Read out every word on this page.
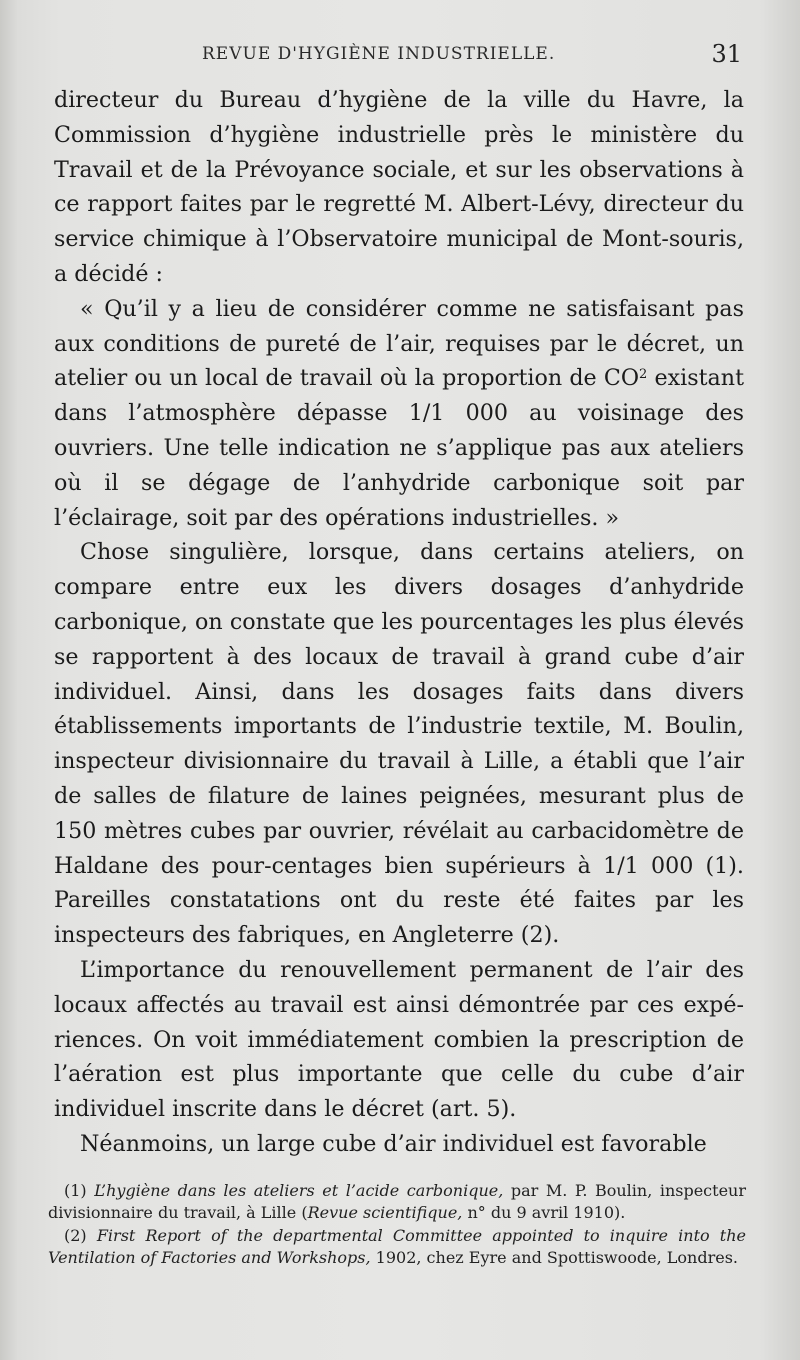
REVUE D'HYGIÈNE INDUSTRIELLE.	31

directeur du Bureau d’hygiène de la ville du Havre, la Commission d’hygiène industrielle près le ministère du Travail et de la Prévoyance sociale, et sur les observations à ce rapport faites par le regretté M. Albert-Lévy, directeur du service chimique à l’Observatoire municipal de Mont-souris, a décidé :

« Qu’il y a lieu de considérer comme ne satisfaisant pas aux conditions de pureté de l’air, requises par le décret, un atelier ou un local de travail où la proportion de $CO^2$ existant dans l’atmosphère dépasse 1/1 000 au voisinage des ouvriers. Une telle indication ne s’applique pas aux ateliers où il se dégage de l’anhydride carbonique soit par l’éclairage, soit par des opérations industrielles. »

Chose singulière, lorsque, dans certains ateliers, on compare entre eux les divers dosages d’anhydride carbonique, on constate que les pourcentages les plus élevés se rapportent à des locaux de travail à grand cube d’air individuel. Ainsi, dans les dosages faits dans divers établissements importants de l’industrie textile, M. Boulin, inspecteur divisionnaire du travail à Lille, a établi que l’air de salles de filature de laines peignées, mesurant plus de 150 mètres cubes par ouvrier, révélait au carbacidomètre de Haldane des pour-centages bien supérieurs à 1/1 000 (1). Pareilles constatations ont du reste été faites par les inspecteurs des fabriques, en Angleterre (2).

L’importance du renouvellement permanent de l’air des locaux affectés au travail est ainsi démontrée par ces expé-riences. On voit immédiatement combien la prescription de l’aération est plus importante que celle du cube d’air individuel inscrite dans le décret (art. 5).

Néanmoins, un large cube d’air individuel est favorable

(1) L’hygiène dans les ateliers et l’acide carbonique, par M. P. Boulin, inspecteur divisionnaire du travail, à Lille (Revue scientifique, n° du 9 avril 1910).

(2) First Report of the departmental Committee appointed to inquire into the Ventilation of Factories and Workshops, 1902, chez Eyre and Spottiswoode, Londres.
